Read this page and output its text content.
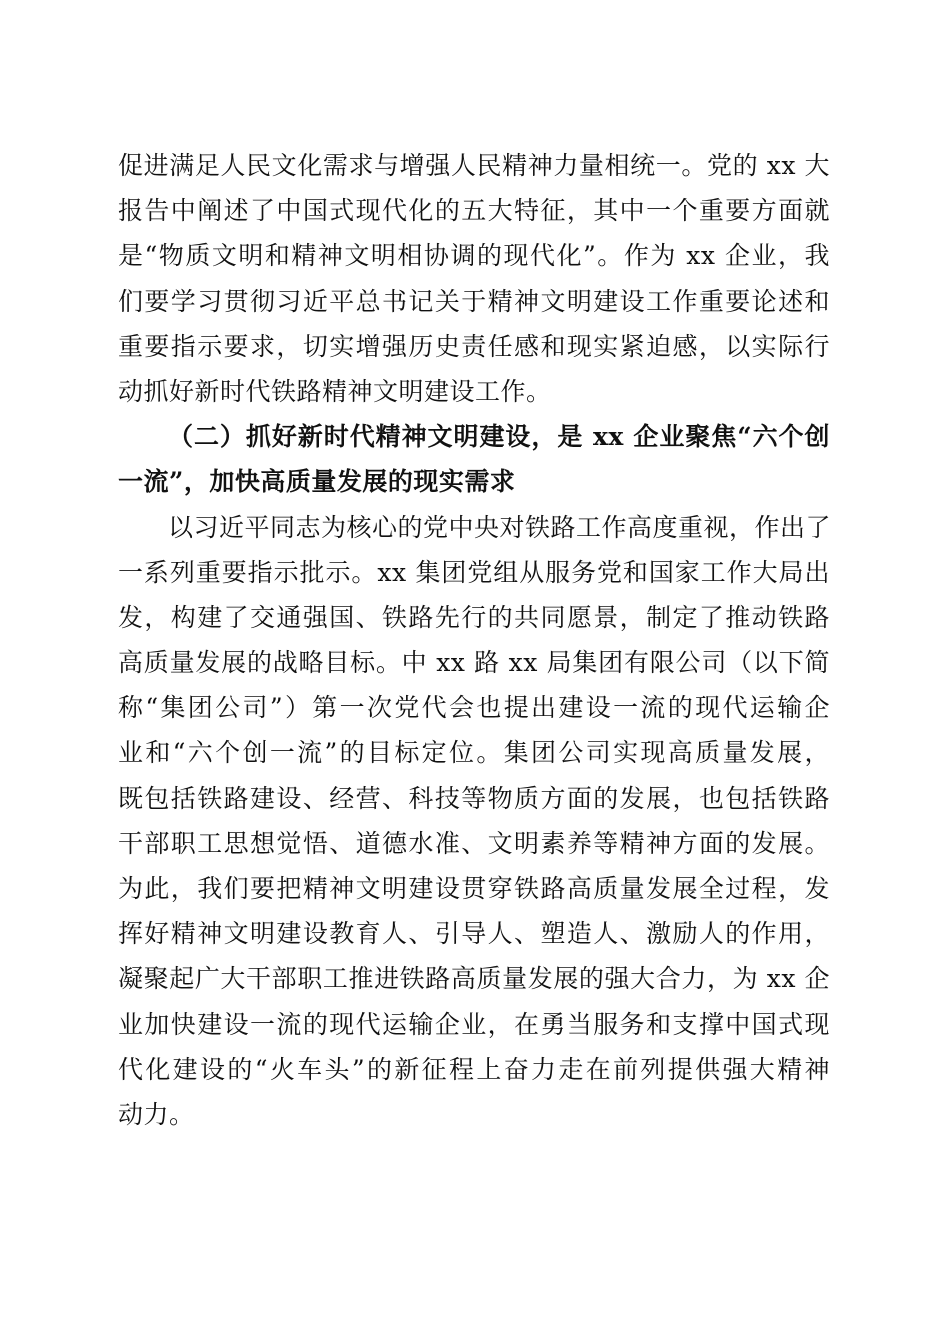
促进满足人民文化需求与增强人民精神力量相统一。党的 xx 大
报告中阐述了中国式现代化的五大特征，其中一个重要方面就
是“物质文明和精神文明相协调的现代化”。作为 xx 企业，我
们要学习贯彻习近平总书记关于精神文明建设工作重要论述和
重要指示要求，切实增强历史责任感和现实紧迫感，以实际行
动抓好新时代铁路精神文明建设工作。
（二）抓好新时代精神文明建设，是 xx 企业聚焦“六个创
一流”，加快高质量发展的现实需求
以习近平同志为核心的党中央对铁路工作高度重视，作出了
一系列重要指示批示。xx 集团党组从服务党和国家工作大局出
发，构建了交通强国、铁路先行的共同愿景，制定了推动铁路
高质量发展的战略目标。中 xx 路 xx 局集团有限公司（以下简
称“集团公司”）第一次党代会也提出建设一流的现代运输企
业和“六个创一流”的目标定位。集团公司实现高质量发展，
既包括铁路建设、经营、科技等物质方面的发展，也包括铁路
干部职工思想觉悟、道德水准、文明素养等精神方面的发展。
为此，我们要把精神文明建设贯穿铁路高质量发展全过程，发
挥好精神文明建设教育人、引导人、塑造人、激励人的作用，
凝聚起广大干部职工推进铁路高质量发展的强大合力，为 xx 企
业加快建设一流的现代运输企业，在勇当服务和支撑中国式现
代化建设的“火车头”的新征程上奋力走在前列提供强大精神
动力。
